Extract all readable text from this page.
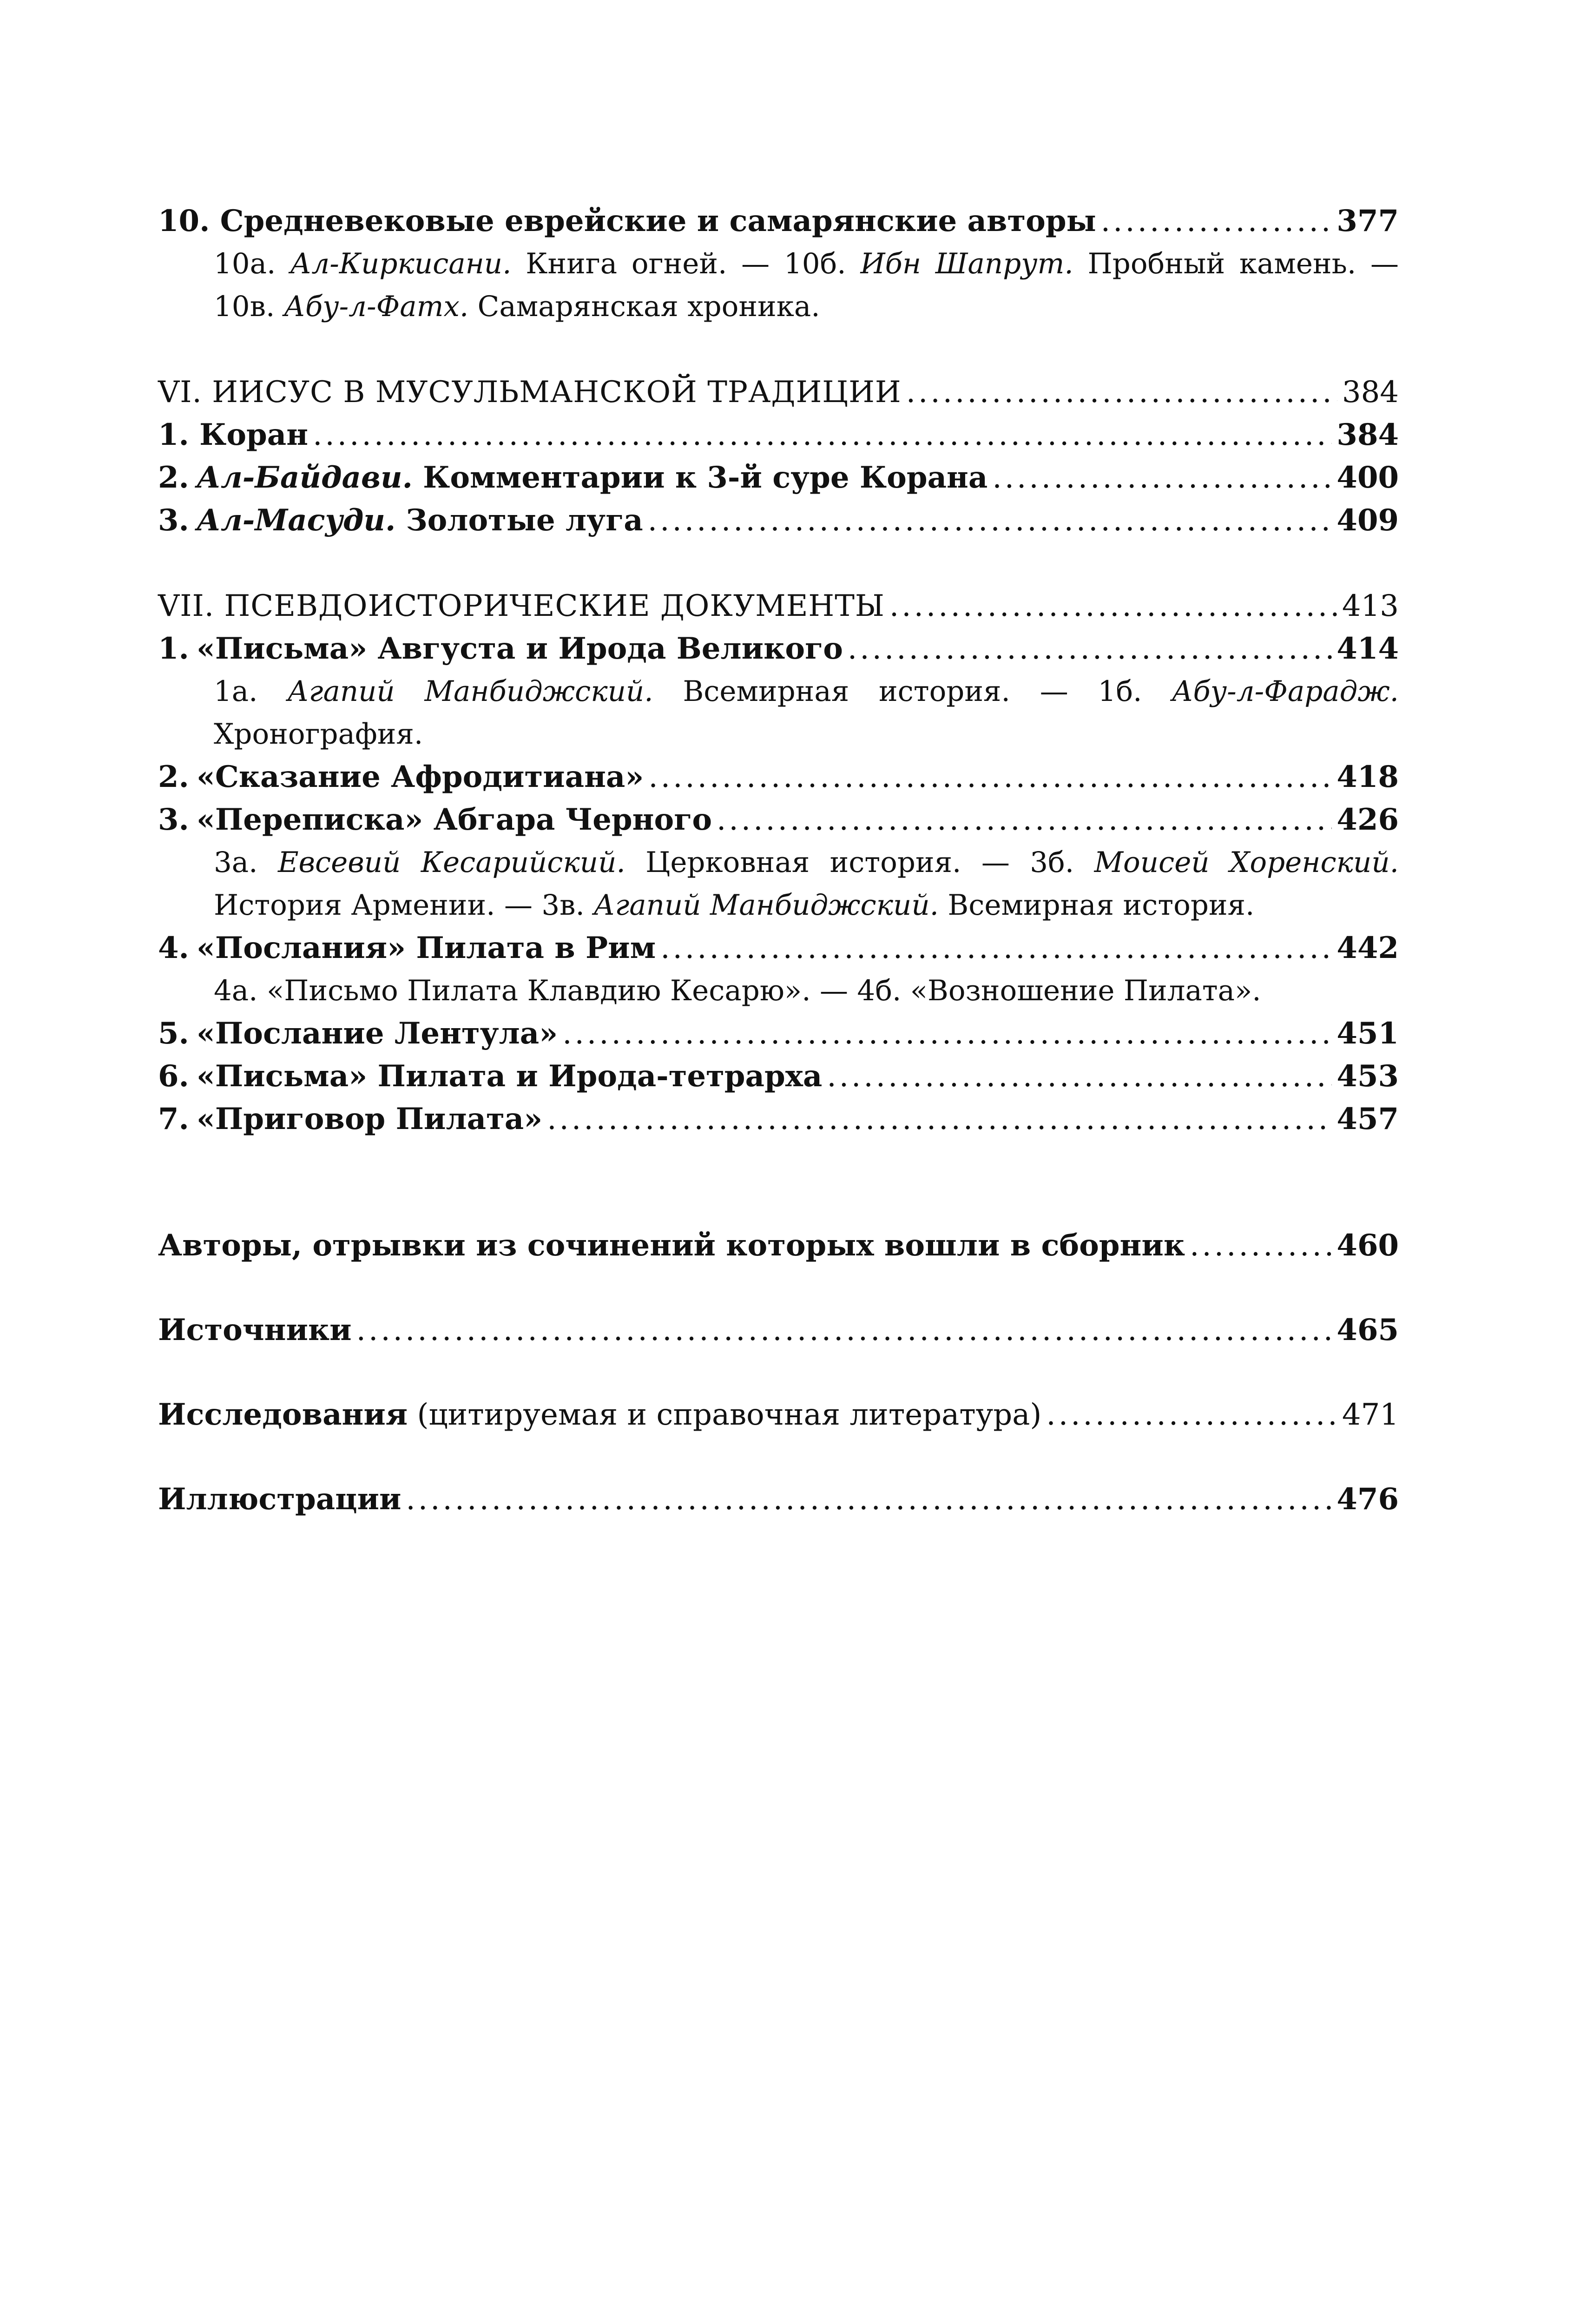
10. Средневековые еврейские и самарянские авторы .....	377
10а. Ал-Киркисани. Книга огней. — 10б. Ибн Шапрут. Пробный камень. — 10в. Абу-л-Фатх. Самарянская хроника.
VI. ИИСУС В МУСУЛЬМАНСКОЙ ТРАДИЦИИ .....	384
1. Коран .....	384
2. Ал-Байдави. Комментарии к 3-й суре Корана .....	400
3. Ал-Масуди. Золотые луга .....	409
VII. ПСЕВДОИСТОРИЧЕСКИЕ ДОКУМЕНТЫ .....	413
1. «Письма» Августа и Ирода Великого .....	414
1а. Агапий Манбиджский. Всемирная история. — 1б. Абу-л-Фарадж. Хронография.
2. «Сказание Афродитиана» .....	418
3. «Переписка» Абгара Черного .....	426
3а. Евсевий Кесарийский. Церковная история. — 3б. Моисей Хоренский. История Армении. — 3в. Агапий Манбиджский. Всемирная история.
4. «Послания» Пилата в Рим .....	442
4а. «Письмо Пилата Клавдию Кесарю». — 4б. «Возношение Пилата».
5. «Послание Лентула» .....	451
6. «Письма» Пилата и Ирода-тетрарха .....	453
7. «Приговор Пилата» .....	457
Авторы, отрывки из сочинений которых вошли в сборник .....	460
Источники .....	465
Исследования (цитируемая и справочная литература) .....	471
Иллюстрации .....	476
